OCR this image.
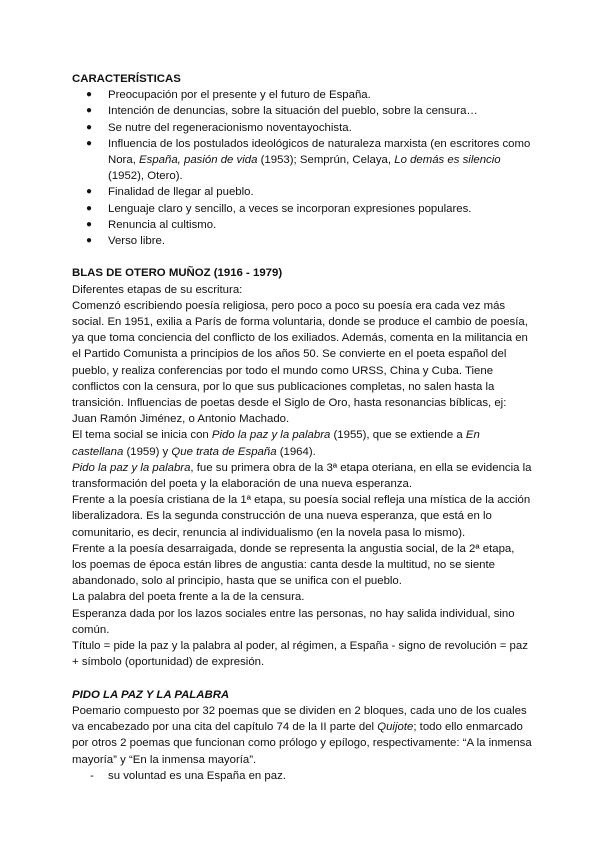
CARACTERÍSTICAS
● Preocupación por el presente y el futuro de España.
● Intención de denuncias, sobre la situación del pueblo, sobre la censura…
● Se nutre del regeneracionismo noventayochista.
● Influencia de los postulados ideológicos de naturaleza marxista (en escritores como Nora, España, pasión de vida (1953); Semprún, Celaya, Lo demás es silencio (1952), Otero).
● Finalidad de llegar al pueblo.
● Lenguaje claro y sencillo, a veces se incorporan expresiones populares.
● Renuncia al cultismo.
● Verso libre.
BLAS DE OTERO MUÑOZ (1916 - 1979)

Diferentes etapas de su escritura:

Comenzó escribiendo poesía religiosa, pero poco a poco su poesía era cada vez más social. En 1951, exilia a París de forma voluntaria, donde se produce el cambio de poesía, ya que toma conciencia del conflicto de los exiliados. Además, comenta en la militancia en el Partido Comunista a principios de los años 50. Se convierte en el poeta español del pueblo, y realiza conferencias por todo el mundo como URSS, China y Cuba. Tiene conflictos con la censura, por lo que sus publicaciones completas, no salen hasta la transición. Influencias de poetas desde el Siglo de Oro, hasta resonancias bíblicas, ej: Juan Ramón Jiménez, o Antonio Machado.

El tema social se inicia con Pido la paz y la palabra (1955), que se extiende a En castellana (1959) y Que trata de España (1964).

Pido la paz y la palabra, fue su primera obra de la 3ª etapa oteriana, en ella se evidencia la transformación del poeta y la elaboración de una nueva esperanza.

Frente a la poesía cristiana de la 1ª etapa, su poesía social refleja una mística de la acción liberalizadora. Es la segunda construcción de una nueva esperanza, que está en lo comunitario, es decir, renuncia al individualismo (en la novela pasa lo mismo).

Frente a la poesía desarraigada, donde se representa la angustia social, de la 2ª etapa, los poemas de época están libres de angustia: canta desde la multitud, no se siente abandonado, solo al principio, hasta que se unifica con el pueblo.

La palabra del poeta frente a la de la censura.

Esperanza dada por los lazos sociales entre las personas, no hay salida individual, sino común.

Título = pide la paz y la palabra al poder, al régimen, a España - signo de revolución = paz + símbolo (oportunidad) de expresión.

PIDO LA PAZ Y LA PALABRA

Poemario compuesto por 32 poemas que se dividen en 2 bloques, cada uno de los cuales va encabezado por una cita del capítulo 74 de la II parte del Quijote; todo ello enmarcado por otros 2 poemas que funcionan como prólogo y epílogo, respectivamente: “A la inmensa mayoría” y “En la inmensa mayoría”.

- su voluntad es una España en paz.
